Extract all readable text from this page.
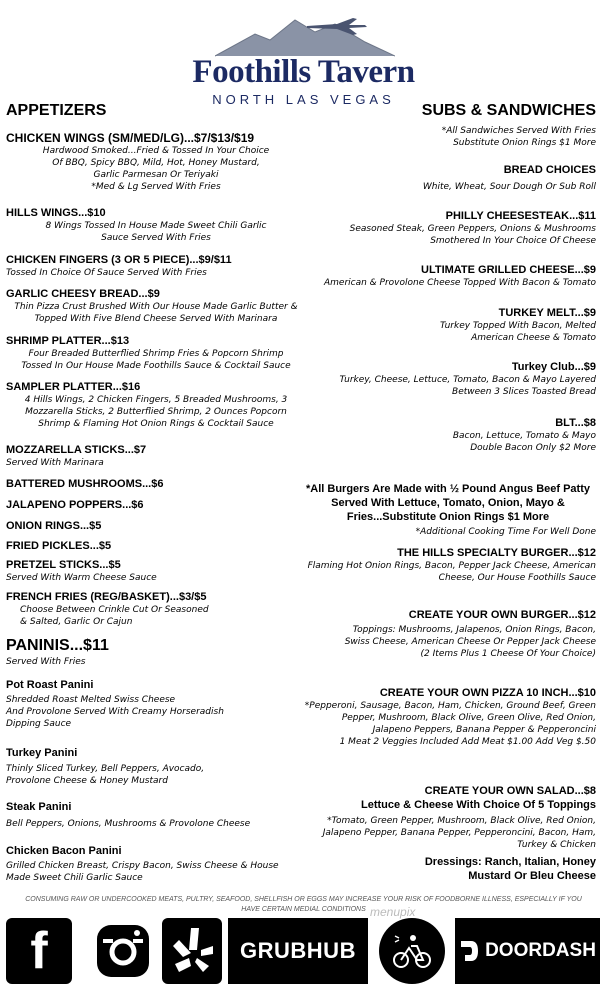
Foothills Tavern
NORTH LAS VEGAS
APPETIZERS
CHICKEN WINGS (SM/MED/LG)...$7/$13/$19
Hardwood Smoked...Fried & Tossed In Your Choice
Of BBQ, Spicy BBQ, Mild, Hot, Honey Mustard,
Garlic Parmesan Or Teriyaki
*Med & Lg Served With Fries
HILLS WINGS...$10
8 Wings Tossed In House Made Sweet Chili Garlic
Sauce Served With Fries
CHICKEN FINGERS (3 OR 5 PIECE)...$9/$11
Tossed In Choice Of Sauce Served With Fries
GARLIC CHEESY BREAD...$9
Thin Pizza Crust Brushed With Our House Made Garlic Butter &
Topped With Five Blend Cheese Served With Marinara
SHRIMP PLATTER...$13
Four Breaded Butterflied Shrimp Fries & Popcorn Shrimp
Tossed In Our House Made Foothills Sauce & Cocktail Sauce
SAMPLER PLATTER...$16
4 Hills Wings, 2 Chicken Fingers, 5 Breaded Mushrooms, 3
Mozzarella Sticks, 2 Butterflied Shrimp, 2 Ounces Popcorn
Shrimp & Flaming Hot Onion Rings & Cocktail Sauce
MOZZARELLA STICKS...$7
Served With Marinara
BATTERED MUSHROOMS...$6
JALAPENO POPPERS...$6
ONION RINGS...$5
FRIED PICKLES...$5
PRETZEL STICKS...$5
Served With Warm Cheese Sauce
FRENCH FRIES (REG/BASKET)...$3/$5
Choose Between Crinkle Cut Or Seasoned
& Salted, Garlic Or Cajun
PANINIS...$11
Served With Fries
Pot Roast Panini
Shredded Roast Melted Swiss Cheese
And Provolone Served With Creamy Horseradish
Dipping Sauce
Turkey Panini
Thinly Sliced Turkey, Bell Peppers, Avocado,
Provolone Cheese & Honey Mustard
Steak Panini
Bell Peppers, Onions, Mushrooms & Provolone Cheese
Chicken Bacon Panini
Grilled Chicken Breast, Crispy Bacon, Swiss Cheese & House
Made Sweet Chili Garlic Sauce
SUBS & SANDWICHES
*All Sandwiches Served With Fries
Substitute Onion Rings $1 More
BREAD CHOICES
White, Wheat, Sour Dough Or Sub Roll
PHILLY CHEESESTEAK...$11
Seasoned Steak, Green Peppers, Onions & Mushrooms
Smothered In Your Choice Of Cheese
ULTIMATE GRILLED CHEESE...$9
American & Provolone Cheese Topped With Bacon & Tomato
TURKEY MELT...$9
Turkey Topped With Bacon, Melted
American Cheese & Tomato
Turkey Club...$9
Turkey, Cheese, Lettuce, Tomato, Bacon & Mayo Layered
Between 3 Slices Toasted Bread
BLT...$8
Bacon, Lettuce, Tomato & Mayo
Double Bacon Only $2 More
*All Burgers Are Made with ½ Pound Angus Beef Patty
Served With Lettuce, Tomato, Onion, Mayo &
Fries...Substitute Onion Rings $1 More
*Additional Cooking Time For Well Done
THE HILLS SPECIALTY BURGER...$12
Flaming Hot Onion Rings, Bacon, Pepper Jack Cheese, American
Cheese, Our House Foothills Sauce
CREATE YOUR OWN BURGER...$12
Toppings: Mushrooms, Jalapenos, Onion Rings, Bacon,
Swiss Cheese, American Cheese Or Pepper Jack Cheese
(2 Items Plus 1 Cheese Of Your Choice)
CREATE YOUR OWN PIZZA 10 INCH...$10
*Pepperoni, Sausage, Bacon, Ham, Chicken, Ground Beef, Green
Pepper, Mushroom, Black Olive, Green Olive, Red Onion,
Jalapeno Peppers, Banana Pepper & Pepperoncini
1 Meat 2 Veggies Included Add Meat $1.00 Add Veg $.50
CREATE YOUR OWN SALAD...$8
Lettuce & Cheese With Choice Of 5 Toppings
*Tomato, Green Pepper, Mushroom, Black Olive, Red Onion,
Jalapeno Pepper, Banana Pepper, Pepperoncini, Bacon, Ham,
Turkey & Chicken
Dressings: Ranch, Italian, Honey
Mustard Or Bleu Cheese
CONSUMING RAW OR UNDERCOOKED MEATS, PULTRY, SEAFOOD, SHELLFISH OR EGGS MAY INCREASE YOUR RISK OF FOODBORNE ILLNESS, ESPECIALLY IF YOU
HAVE CERTAIN MEDIAL CONDITIONS menupix
f	GRUBHUB	DOORDASH
